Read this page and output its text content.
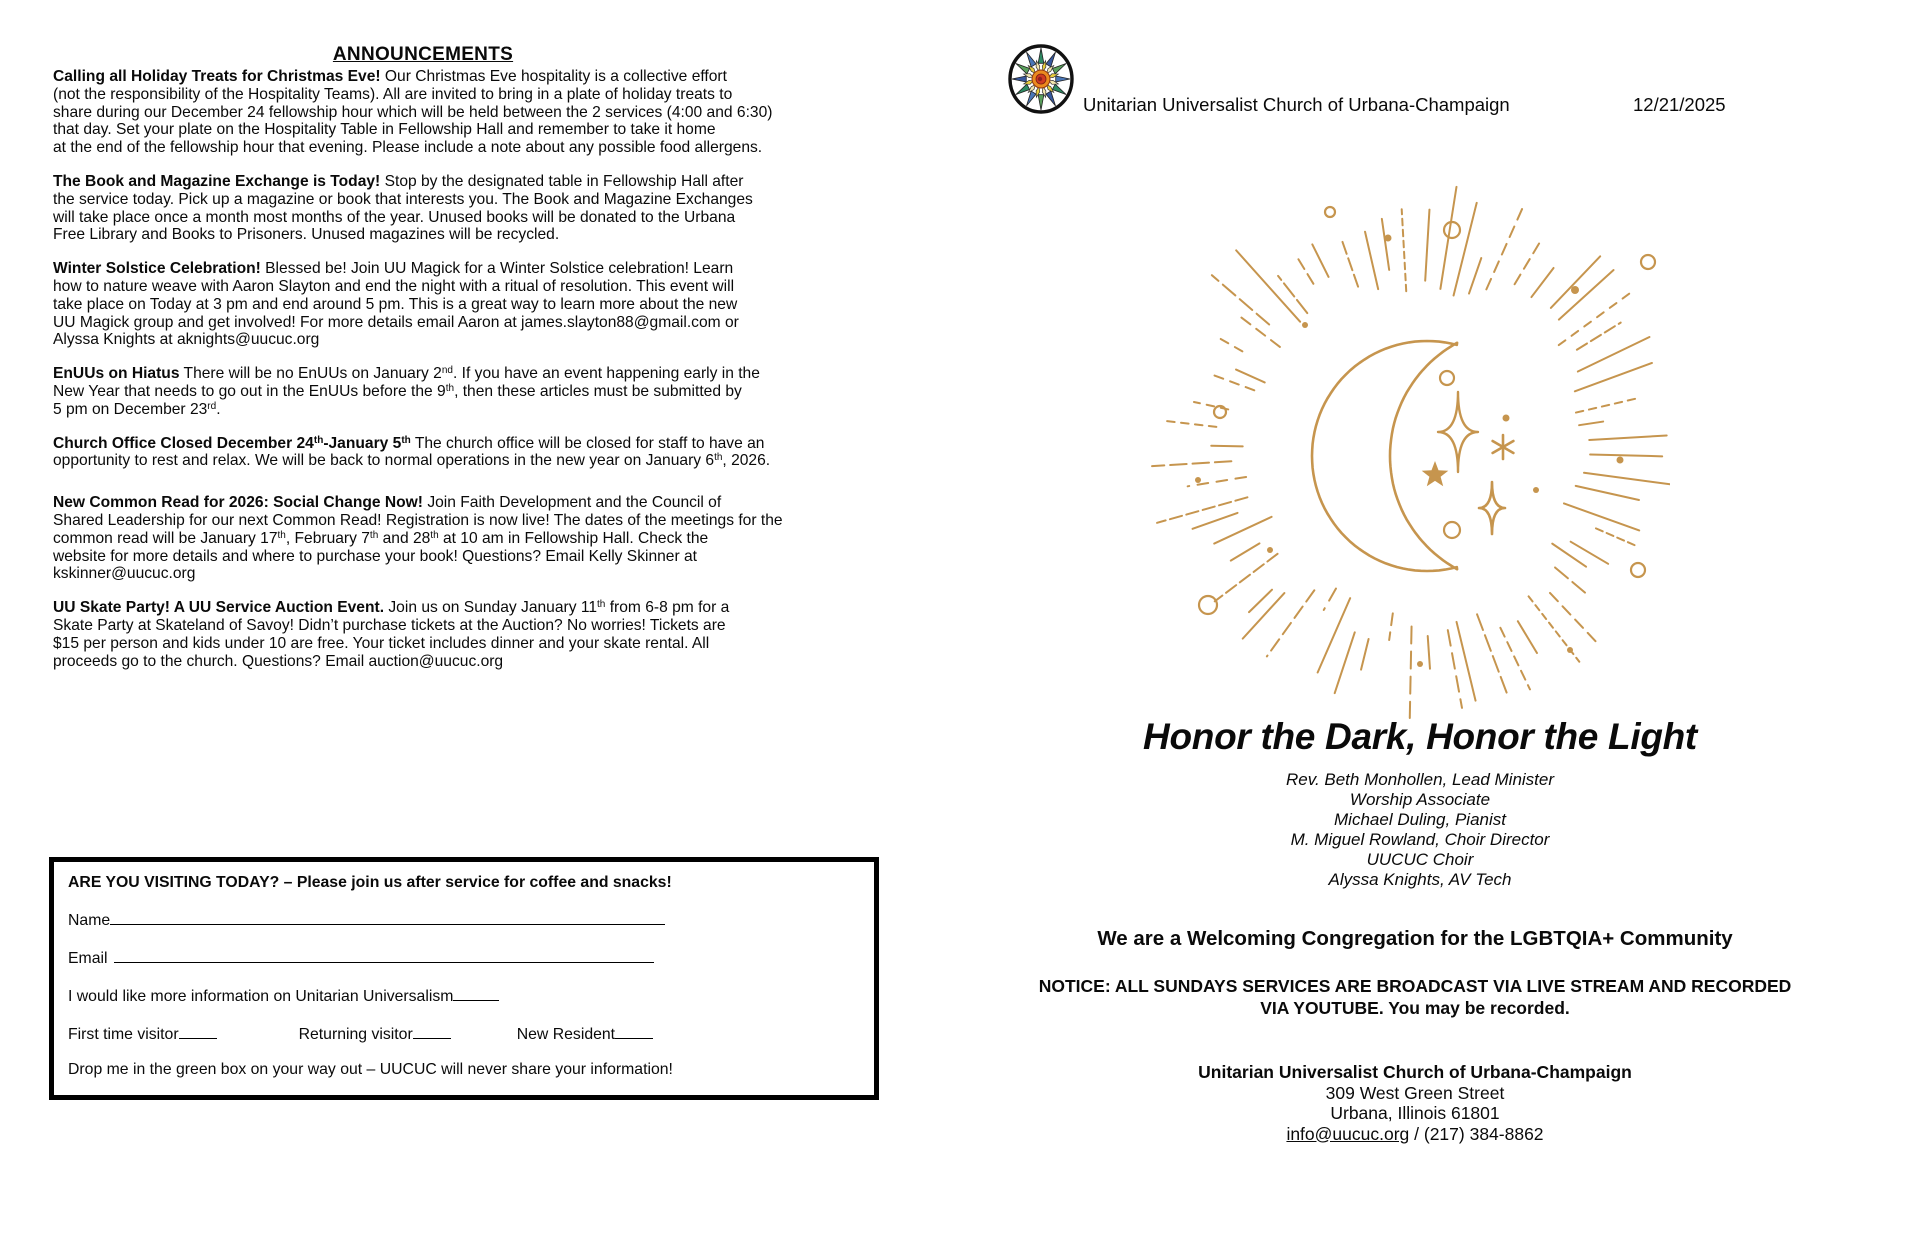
ANNOUNCEMENTS

Calling all Holiday Treats for Christmas Eve! Our Christmas Eve hospitality is a collective effort
(not the responsibility of the Hospitality Teams). All are invited to bring in a plate of holiday treats to
share during our December 24 fellowship hour which will be held between the 2 services (4:00 and 6:30)
that day. Set your plate on the Hospitality Table in Fellowship Hall and remember to take it home
at the end of the fellowship hour that evening. Please include a note about any possible food allergens.

The Book and Magazine Exchange is Today! Stop by the designated table in Fellowship Hall after
the service today. Pick up a magazine or book that interests you. The Book and Magazine Exchanges
will take place once a month most months of the year. Unused books will be donated to the Urbana
Free Library and Books to Prisoners. Unused magazines will be recycled.

Winter Solstice Celebration! Blessed be! Join UU Magick for a Winter Solstice celebration! Learn
how to nature weave with Aaron Slayton and end the night with a ritual of resolution. This event will
take place on Today at 3 pm and end around 5 pm. This is a great way to learn more about the new
UU Magick group and get involved! For more details email Aaron at james.slayton88@gmail.com or
Alyssa Knights at aknights@uucuc.org

EnUUs on Hiatus There will be no EnUUs on January 2nd. If you have an event happening early in the
New Year that needs to go out in the EnUUs before the 9th, then these articles must be submitted by
5 pm on December 23rd.

Church Office Closed December 24th-January 5th The church office will be closed for staff to have an
opportunity to rest and relax. We will be back to normal operations in the new year on January 6th, 2026.

New Common Read for 2026: Social Change Now! Join Faith Development and the Council of
Shared Leadership for our next Common Read! Registration is now live! The dates of the meetings for the
common read will be January 17th, February 7th and 28th at 10 am in Fellowship Hall. Check the
website for more details and where to purchase your book! Questions? Email Kelly Skinner at
kskinner@uucuc.org

UU Skate Party! A UU Service Auction Event. Join us on Sunday January 11th from 6-8 pm for a
Skate Party at Skateland of Savoy! Didn’t purchase tickets at the Auction? No worries! Tickets are
$15 per person and kids under 10 are free. Your ticket includes dinner and your skate rental. All
proceeds go to the church. Questions? Email auction@uucuc.org

ARE YOU VISITING TODAY? – Please join us after service for coffee and snacks!

Name

Email

I would like more information on Unitarian Universalism

First time visitor	Returning visitor	New Resident

Drop me in the green box on your way out – UUCUC will never share your information!

Unitarian Universalist Church of Urbana-Champaign	12/21/2025
Honor the Dark, Honor the Light
Rev. Beth Monhollen, Lead Minister
Worship Associate
Michael Duling, Pianist
M. Miguel Rowland, Choir Director
UUCUC Choir
Alyssa Knights, AV Tech

We are a Welcoming Congregation for the LGBTQIA+ Community

NOTICE: ALL SUNDAYS SERVICES ARE BROADCAST VIA LIVE STREAM AND RECORDED
VIA YOUTUBE. You may be recorded.

Unitarian Universalist Church of Urbana-Champaign
309 West Green Street
Urbana, Illinois 61801
info@uucuc.org / (217) 384-8862
